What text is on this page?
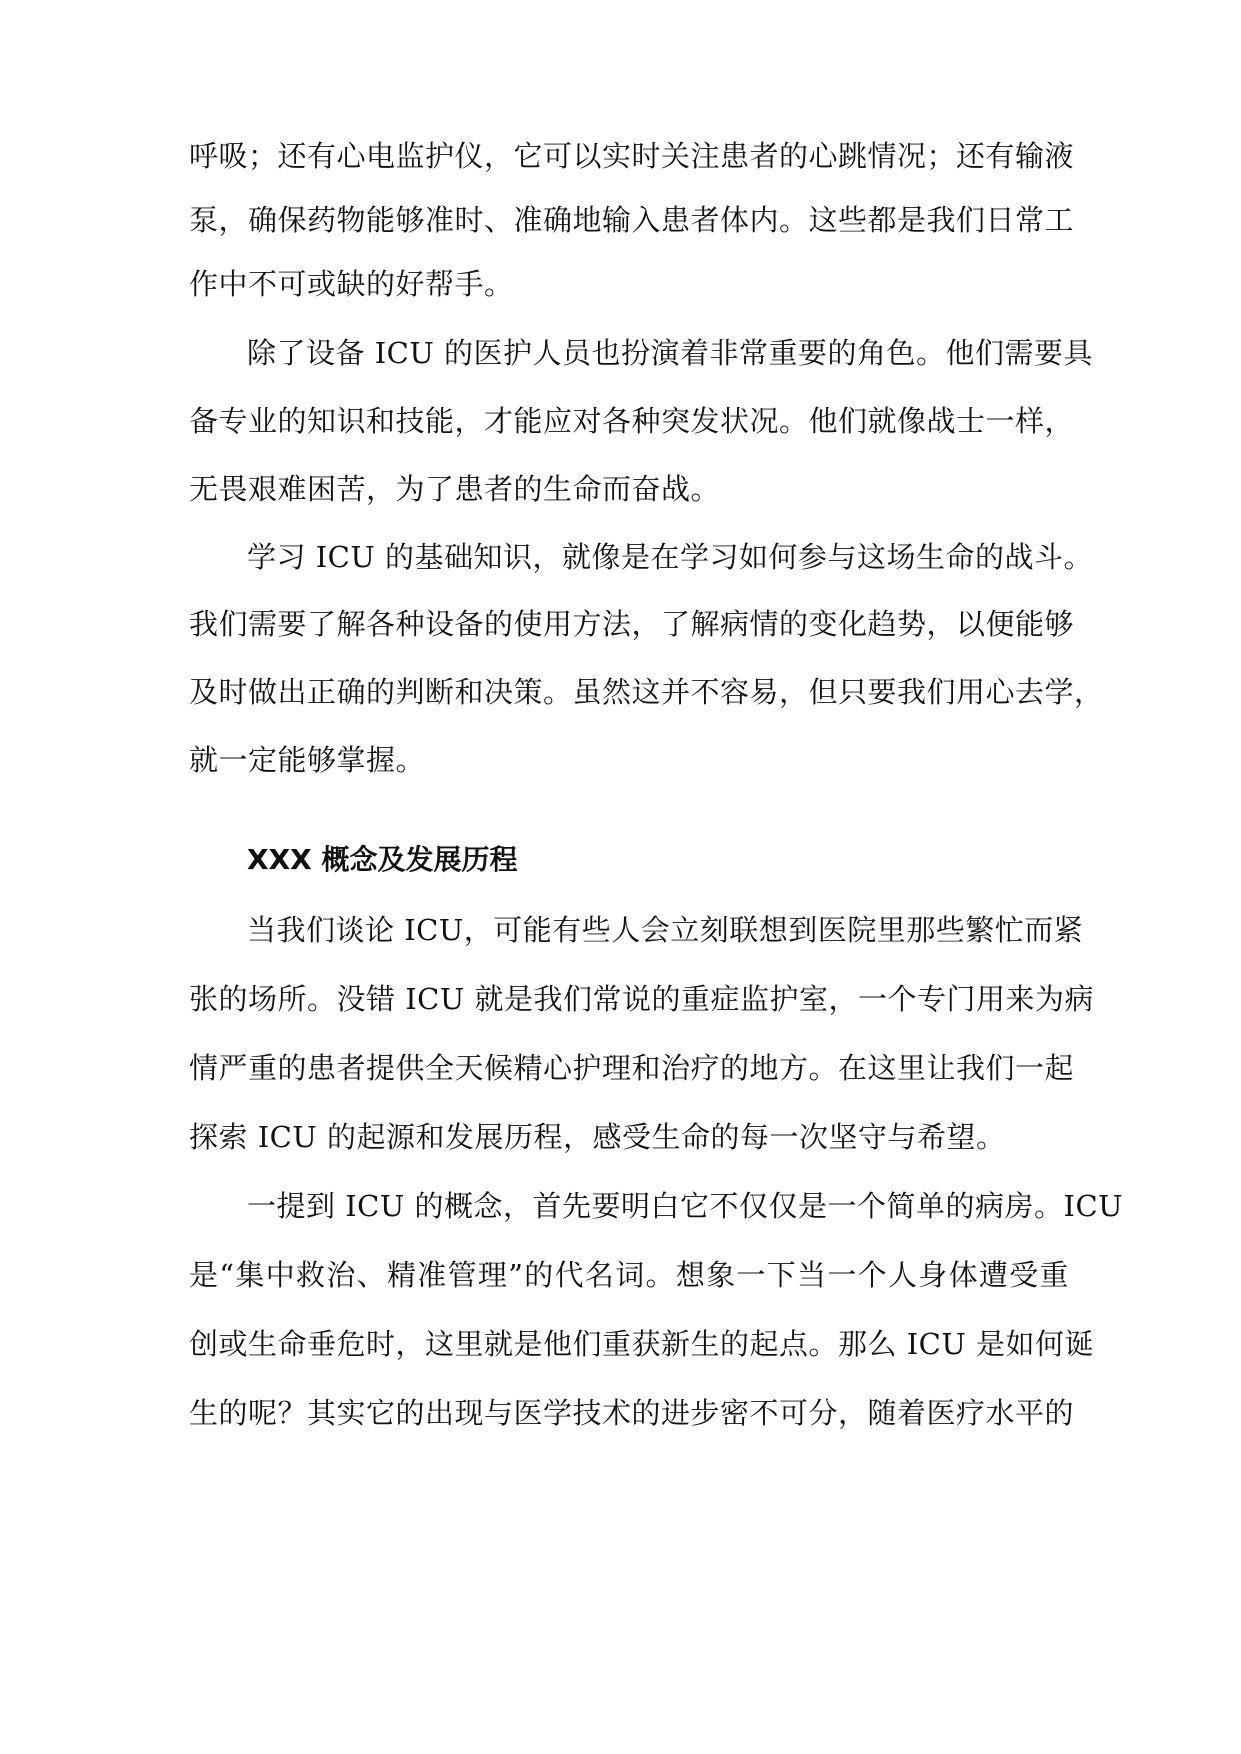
呼吸；还有心电监护仪，它可以实时关注患者的心跳情况；还有输液
泵，确保药物能够准时、准确地输入患者体内。这些都是我们日常工
作中不可或缺的好帮手。
除了设备 ICU 的医护人员也扮演着非常重要的角色。他们需要具
备专业的知识和技能，才能应对各种突发状况。他们就像战士一样，
无畏艰难困苦，为了患者的生命而奋战。
学习 ICU 的基础知识，就像是在学习如何参与这场生命的战斗。
我们需要了解各种设备的使用方法，了解病情的变化趋势，以便能够
及时做出正确的判断和决策。虽然这并不容易，但只要我们用心去学，
就一定能够掌握。
XXX 概念及发展历程
当我们谈论 ICU，可能有些人会立刻联想到医院里那些繁忙而紧
张的场所。没错 ICU 就是我们常说的重症监护室，一个专门用来为病
情严重的患者提供全天候精心护理和治疗的地方。在这里让我们一起
探索 ICU 的起源和发展历程，感受生命的每一次坚守与希望。
一提到 ICU 的概念，首先要明白它不仅仅是一个简单的病房。ICU
是“集中救治、精准管理”的代名词。想象一下当一个人身体遭受重
创或生命垂危时，这里就是他们重获新生的起点。那么 ICU 是如何诞
生的呢？其实它的出现与医学技术的进步密不可分，随着医疗水平的
